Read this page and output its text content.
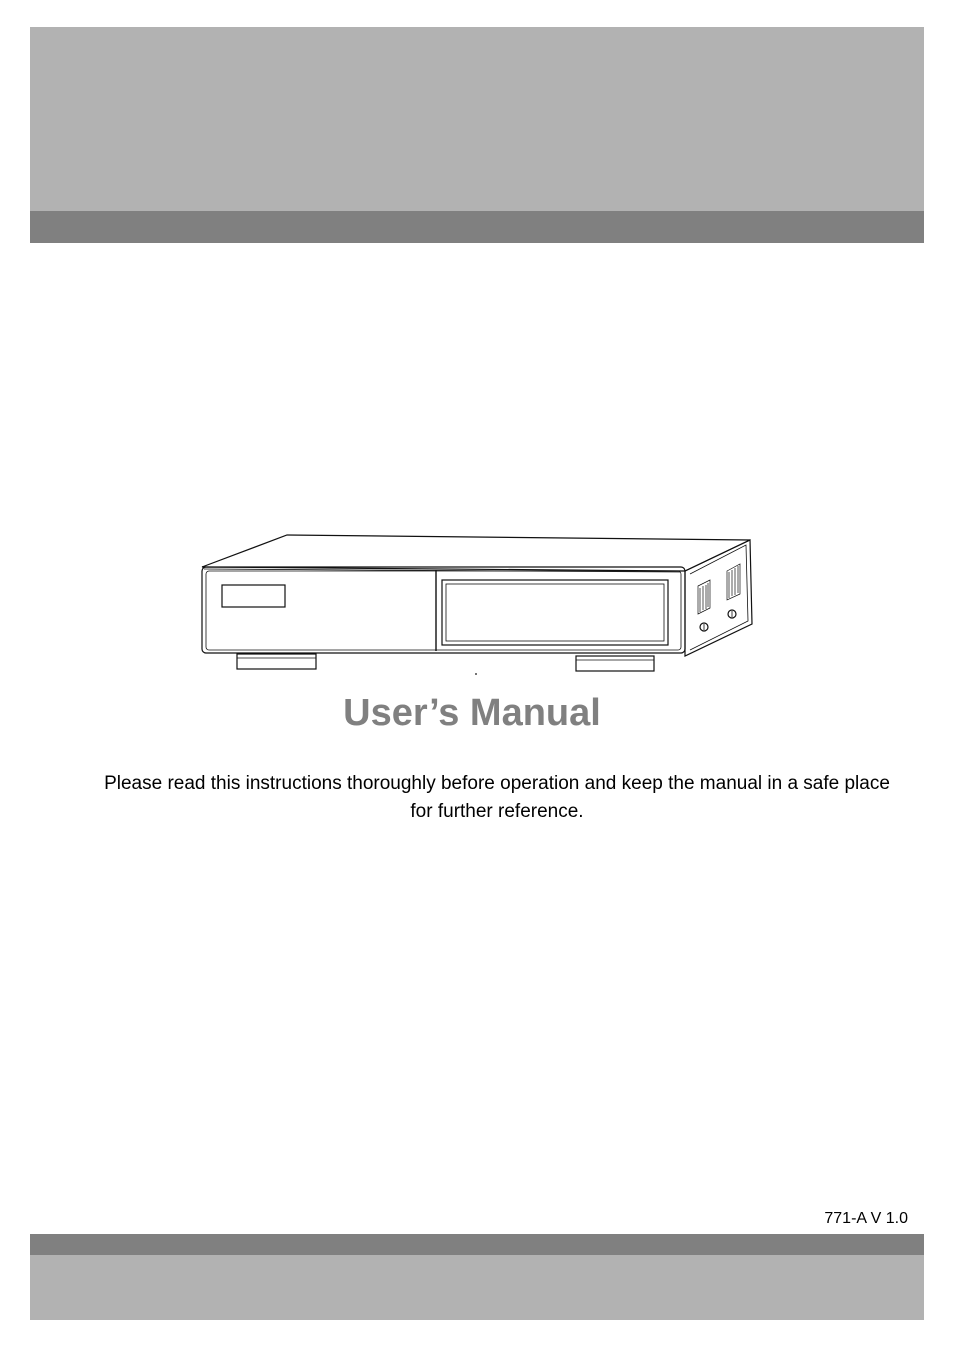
User’s Manual

Please read this instructions thoroughly before operation and keep the manual in a safe place for further reference.

771-A V 1.0
